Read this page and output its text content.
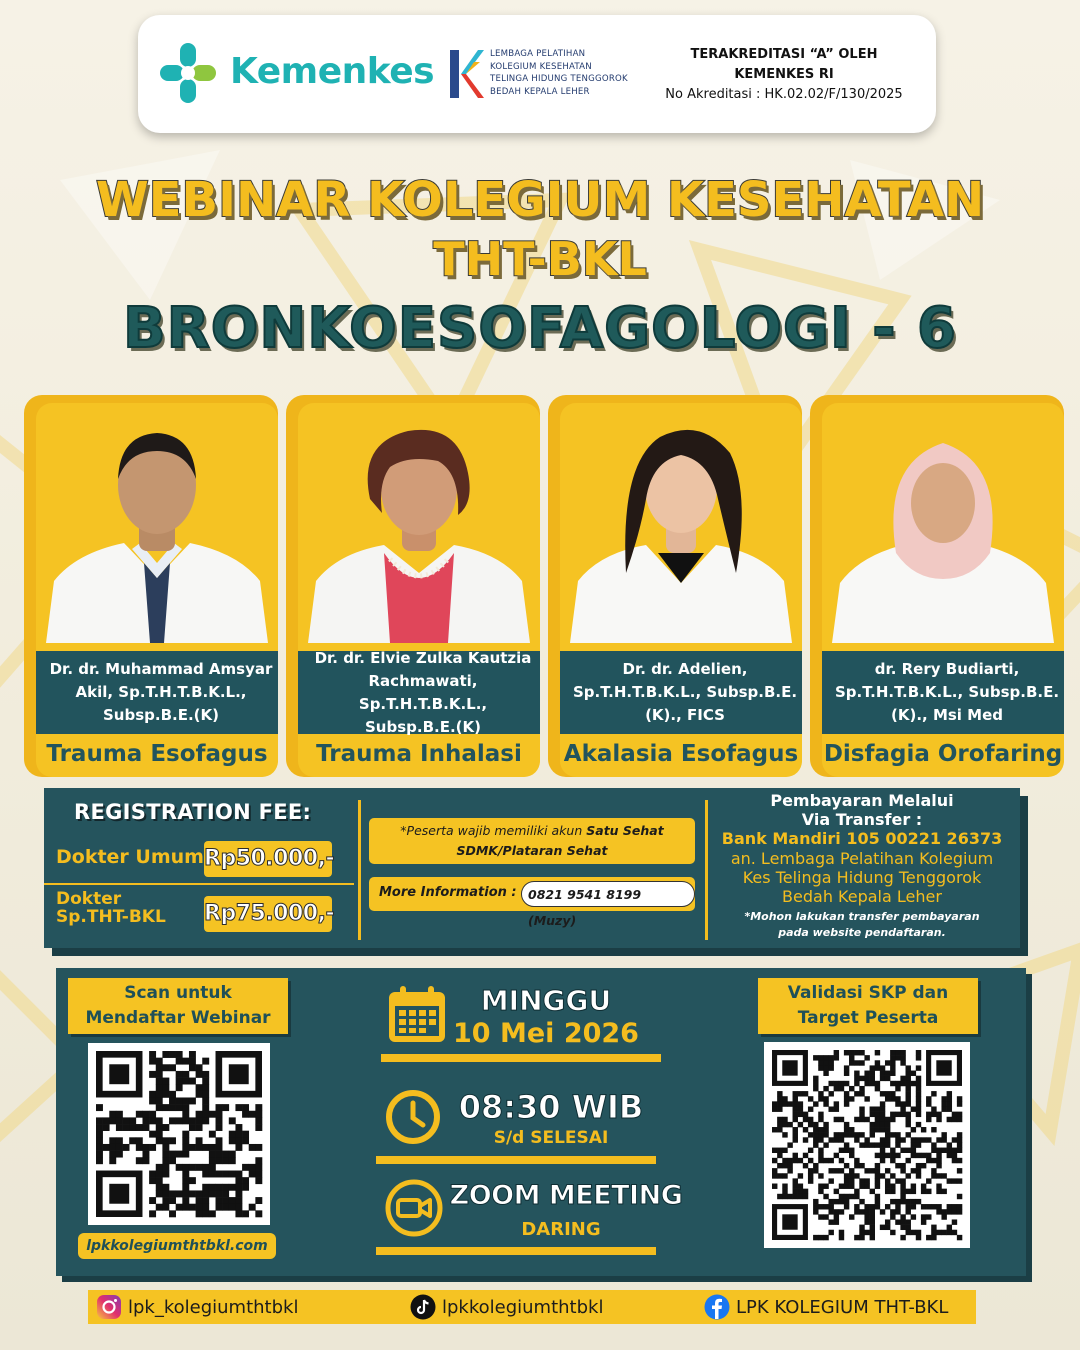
Kemenkes	LEMBAGA PELATIHAN
KOLEGIUM KESEHATAN
TELINGA HIDUNG TENGGOROK
BEDAH KEPALA LEHER
TERAKREDITASI “A” OLEH
KEMENKES RI
No Akreditasi : HK.02.02/F/130/2025
WEBINAR KOLEGIUM KESEHATAN
THT-BKL
BRONKOESOFAGOLOGI - 6
Dr. dr. Muhammad Amsyar
Akil, Sp.T.H.T.B.K.L.,
Subsp.B.E.(K)
Trauma Esofagus
Dr. dr. Elvie Zulka Kautzia
Rachmawati, Sp.T.H.T.B.K.L.,
Subsp.B.E.(K)
Trauma Inhalasi
Dr. dr. Adelien,
Sp.T.H.T.B.K.L., Subsp.B.E.
(K)., FICS
Akalasia Esofagus
dr. Rery Budiarti,
Sp.T.H.T.B.K.L., Subsp.B.E.
(K)., Msi Med
Disfagia Orofaring
REGISTRATION FEE:
Dokter Umum Rp50.000,-
Dokter
Sp.THT-BKL Rp75.000,-
*Peserta wajib memiliki akun Satu Sehat SDMK/Plataran Sehat
More Information : 0821 9541 8199 (Muzy)
Pembayaran Melalui
Via Transfer :
Bank Mandiri 105 00221 26373
an. Lembaga Pelatihan Kolegium
Kes Telinga Hidung Tenggorok
Bedah Kepala Leher
*Mohon lakukan transfer pembayaran
pada website pendaftaran.
Scan untuk
Mendaftar Webinar
lpkkolegiumthtbkl.com
MINGGU
10 Mei 2026
08:30 WIB
S/d SELESAI
ZOOM MEETING
DARING
Validasi SKP dan
Target Peserta
lpk_kolegiumthtbkl	lpkkolegiumthtbkl	LPK KOLEGIUM THT-BKL
